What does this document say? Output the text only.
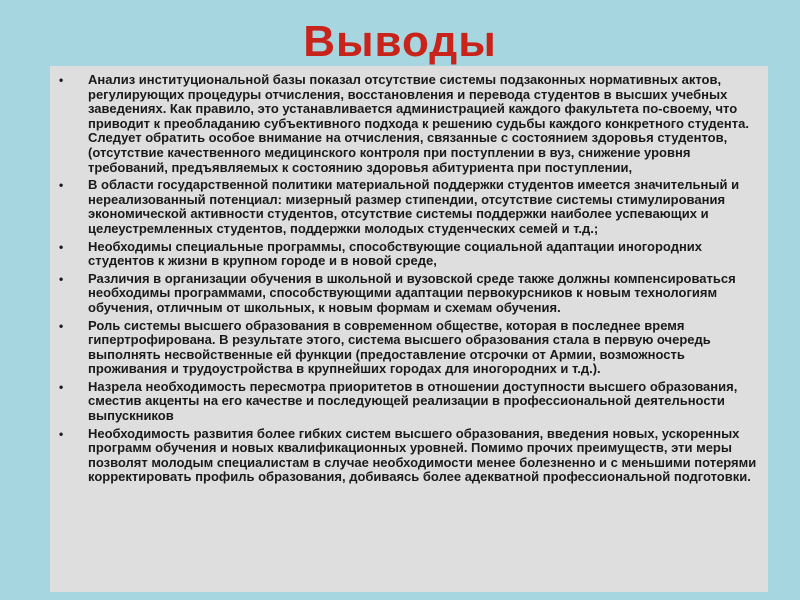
Выводы
• Анализ институциональной базы показал отсутствие системы подзаконных нормативных актов, регулирующих процедуры отчисления, восстановления и перевода студентов в высших учебных заведениях. Как правило, это устанавливается администрацией каждого факультета по-своему, что приводит к преобладанию субъективного подхода к решению судьбы каждого конкретного студента. Следует обратить особое внимание на отчисления, связанные с состоянием здоровья студентов, (отсутствие качественного медицинского контроля при поступлении в вуз, снижение уровня требований, предъявляемых к состоянию здоровья абитуриента при поступлении,
• В области государственной политики материальной поддержки студентов имеется значительный и нереализованный потенциал: мизерный размер стипендии, отсутствие системы стимулирования экономической активности студентов, отсутствие системы поддержки наиболее успевающих и целеустремленных студентов, поддержки молодых студенческих семей и т.д.;
• Необходимы специальные программы, способствующие социальной адаптации иногородних студентов к жизни в крупном городе и в новой среде,
• Различия в организации обучения в школьной и вузовской среде также должны компенсироваться необходимы программами, способствующими адаптации первокурсников к новым технологиям обучения, отличным от школьных, к новым формам и схемам обучения.
• Роль системы высшего образования в современном обществе, которая в последнее время гипертрофирована. В результате этого, система высшего образования стала в первую очередь выполнять несвойственные ей функции (предоставление отсрочки от Армии, возможность проживания и трудоустройства в крупнейших городах для иногородних и т.д.).
• Назрела необходимость пересмотра приоритетов в отношении доступности высшего образования, сместив акценты на его качестве и последующей реализации в профессиональной деятельности выпускников
• Необходимость развития более гибких систем высшего образования, введения новых, ускоренных программ обучения и новых квалификационных уровней. Помимо прочих преимуществ, эти меры позволят молодым специалистам в случае необходимости менее болезненно и с меньшими потерями корректировать профиль образования, добиваясь более адекватной профессиональной подготовки.
